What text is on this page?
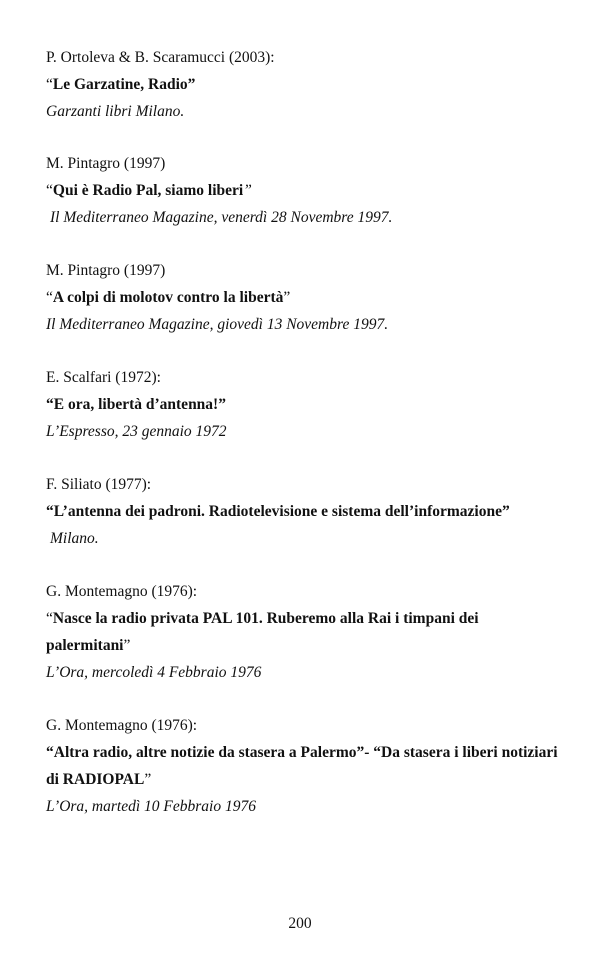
P. Ortoleva & B. Scaramucci (2003):
“Le Garzatine, Radio”
Garzanti libri Milano.
M. Pintagro (1997)
“Qui è Radio Pal, siamo liberi”
Il Mediterraneo Magazine, venerdì 28 Novembre 1997.
M. Pintagro (1997)
“A colpi di molotov contro la libertà”
Il Mediterraneo Magazine, giovedì 13 Novembre 1997.
E. Scalfari (1972):
“E ora, libertà d’antenna!”
L’Espresso, 23 gennaio 1972
F. Siliato (1977):
“L’antenna dei padroni. Radiotelevisione e sistema dell’informazione”
Milano.
G. Montemagno (1976):
“Nasce la radio privata PAL 101. Ruberemo alla Rai i timpani dei palermitani”
L’Ora, mercoledì 4 Febbraio 1976
G. Montemagno (1976):
“Altra radio, altre notizie da stasera a Palermo”- “Da stasera i liberi notiziari di RADIOPAL”
L’Ora, martedì 10 Febbraio 1976
200
